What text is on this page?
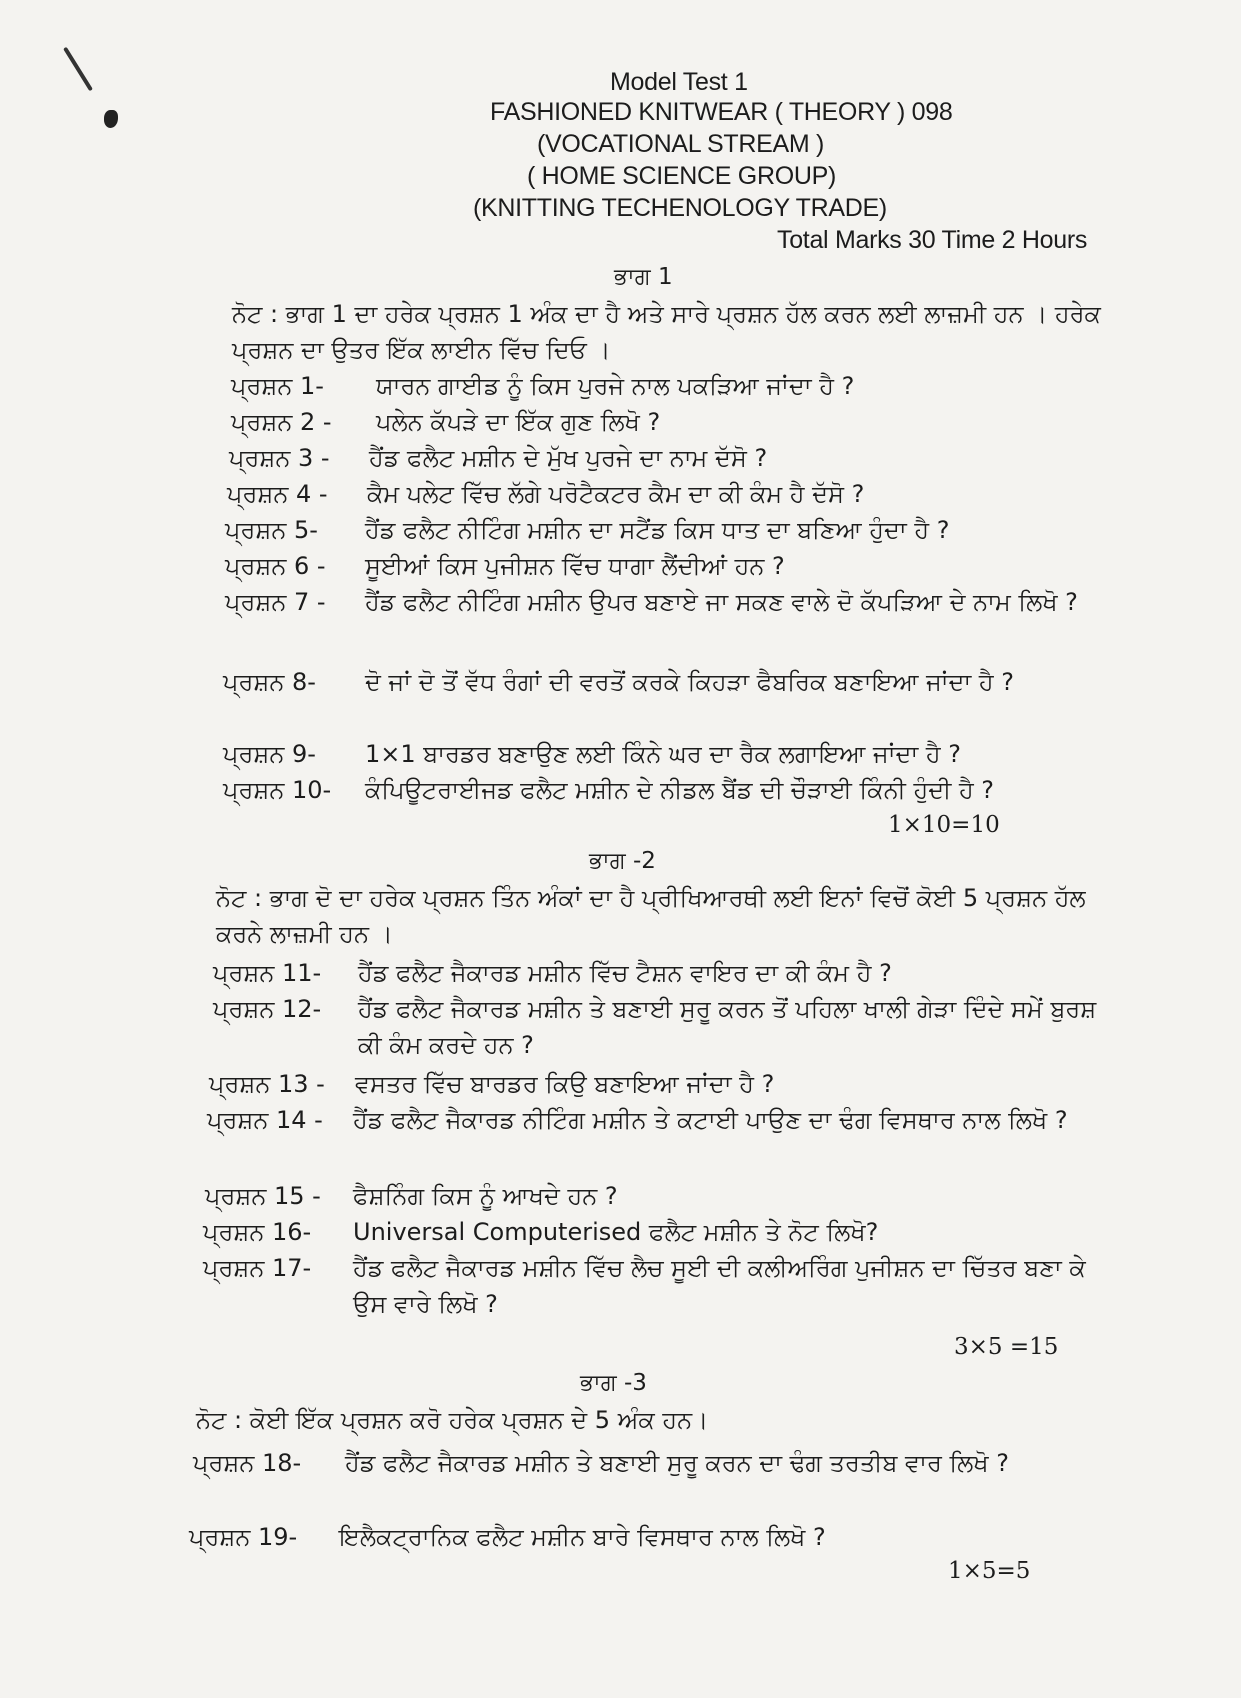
Model Test 1
FASHIONED KNITWEAR ( THEORY ) 098
(VOCATIONAL STREAM )
( HOME SCIENCE GROUP)
(KNITTING TECHENOLOGY TRADE)
Total Marks 30 Time 2 Hours
ਭਾਗ 1
ਨੋਟ : ਭਾਗ 1 ਦਾ ਹਰੇਕ ਪ੍ਰਸ਼ਨ 1 ਅੰਕ ਦਾ ਹੈ ਅਤੇ ਸਾਰੇ ਪ੍ਰਸ਼ਨ ਹੱਲ ਕਰਨ ਲਈ ਲਾਜ਼ਮੀ ਹਨ । ਹਰੇਕ ਪ੍ਰਸ਼ਨ ਦਾ ਉਤਰ ਇੱਕ ਲਾਈਨ ਵਿੱਚ ਦਿਓ ।
ਪ੍ਰਸ਼ਨ 1- ਯਾਰਨ ਗਾਈਡ ਨੂੰ ਕਿਸ ਪੁਰਜੇ ਨਾਲ ਪਕੜਿਆ ਜਾਂਦਾ ਹੈ ?
ਪ੍ਰਸ਼ਨ 2 - ਪਲੇਨ ਕੱਪੜੇ ਦਾ ਇੱਕ ਗੁਣ ਲਿਖੋ ?
ਪ੍ਰਸ਼ਨ 3 - ਹੈਂਡ ਫਲੈਟ ਮਸ਼ੀਨ ਦੇ ਮੁੱਖ ਪੁਰਜੇ ਦਾ ਨਾਮ ਦੱਸੋ ?
ਪ੍ਰਸ਼ਨ 4 - ਕੈਮ ਪਲੇਟ ਵਿੱਚ ਲੱਗੇ ਪਰੋਟੈਕਟਰ ਕੈਮ ਦਾ ਕੀ ਕੰਮ ਹੈ ਦੱਸੋ ?
ਪ੍ਰਸ਼ਨ 5- ਹੈਂਡ ਫਲੈਟ ਨੀਟਿੰਗ ਮਸ਼ੀਨ ਦਾ ਸਟੈਂਡ ਕਿਸ ਧਾਤ ਦਾ ਬਣਿਆ ਹੁੰਦਾ ਹੈ ?
ਪ੍ਰਸ਼ਨ 6 - ਸੂਈਆਂ ਕਿਸ ਪੁਜੀਸ਼ਨ ਵਿੱਚ ਧਾਗਾ ਲੈਂਦੀਆਂ ਹਨ ?
ਪ੍ਰਸ਼ਨ 7 - ਹੈਂਡ ਫਲੈਟ ਨੀਟਿੰਗ ਮਸ਼ੀਨ ਉਪਰ ਬਣਾਏ ਜਾ ਸਕਣ ਵਾਲੇ ਦੋ ਕੱਪੜਿਆ ਦੇ ਨਾਮ ਲਿਖੋ ?
ਪ੍ਰਸ਼ਨ 8- ਦੋ ਜਾਂ ਦੋ ਤੋਂ ਵੱਧ ਰੰਗਾਂ ਦੀ ਵਰਤੋਂ ਕਰਕੇ ਕਿਹੜਾ ਫੈਬਰਿਕ ਬਣਾਇਆ ਜਾਂਦਾ ਹੈ ?
ਪ੍ਰਸ਼ਨ 9- 1×1 ਬਾਰਡਰ ਬਣਾਉਣ ਲਈ ਕਿੰਨੇ ਘਰ ਦਾ ਰੈਕ ਲਗਾਇਆ ਜਾਂਦਾ ਹੈ ?
ਪ੍ਰਸ਼ਨ 10- ਕੰਪਿਊਟਰਾਈਜਡ ਫਲੈਟ ਮਸ਼ੀਨ ਦੇ ਨੀਡਲ ਬੈਂਡ ਦੀ ਚੌੜਾਈ ਕਿੰਨੀ ਹੁੰਦੀ ਹੈ ?
1×10=10
ਭਾਗ -2
ਨੋਟ : ਭਾਗ ਦੋ ਦਾ ਹਰੇਕ ਪ੍ਰਸ਼ਨ ਤਿੰਨ ਅੰਕਾਂ ਦਾ ਹੈ ਪ੍ਰੀਖਿਆਰਥੀ ਲਈ ਇਨਾਂ ਵਿਚੋਂ ਕੋਈ 5 ਪ੍ਰਸ਼ਨ ਹੱਲ ਕਰਨੇ ਲਾਜ਼ਮੀ ਹਨ ।
ਪ੍ਰਸ਼ਨ 11- ਹੈਂਡ ਫਲੈਟ ਜੈਕਾਰਡ ਮਸ਼ੀਨ ਵਿੱਚ ਟੈਸ਼ਨ ਵਾਇਰ ਦਾ ਕੀ ਕੰਮ ਹੈ ?
ਪ੍ਰਸ਼ਨ 12- ਹੈਂਡ ਫਲੈਟ ਜੈਕਾਰਡ ਮਸ਼ੀਨ ਤੇ ਬਣਾਈ ਸੁਰੂ ਕਰਨ ਤੋਂ ਪਹਿਲਾ ਖਾਲੀ ਗੇੜਾ ਦਿੰਦੇ ਸਮੇਂ ਬੁਰਸ਼ ਕੀ ਕੰਮ ਕਰਦੇ ਹਨ ?
ਪ੍ਰਸ਼ਨ 13 - ਵਸਤਰ ਵਿੱਚ ਬਾਰਡਰ ਕਿਉ ਬਣਾਇਆ ਜਾਂਦਾ ਹੈ ?
ਪ੍ਰਸ਼ਨ 14 - ਹੈਂਡ ਫਲੈਟ ਜੈਕਾਰਡ ਨੀਟਿੰਗ ਮਸ਼ੀਨ ਤੇ ਕਟਾਈ ਪਾਉਣ ਦਾ ਢੰਗ ਵਿਸਥਾਰ ਨਾਲ ਲਿਖੋ ?
ਪ੍ਰਸ਼ਨ 15 - ਫੈਸ਼ਨਿੰਗ ਕਿਸ ਨੂੰ ਆਖਦੇ ਹਨ ?
ਪ੍ਰਸ਼ਨ 16- Universal Computerised ਫਲੈਟ ਮਸ਼ੀਨ ਤੇ ਨੋਟ ਲਿਖੋ?
ਪ੍ਰਸ਼ਨ 17- ਹੈਂਡ ਫਲੈਟ ਜੈਕਾਰਡ ਮਸ਼ੀਨ ਵਿੱਚ ਲੈਚ ਸੂਈ ਦੀ ਕਲੀਅਰਿੰਗ ਪੁਜੀਸ਼ਨ ਦਾ ਚਿੱਤਰ ਬਣਾ ਕੇ ਉਸ ਵਾਰੇ ਲਿਖੋ ?
3×5 =15
ਭਾਗ -3
ਨੋਟ : ਕੋਈ ਇੱਕ ਪ੍ਰਸ਼ਨ ਕਰੋ ਹਰੇਕ ਪ੍ਰਸ਼ਨ ਦੇ 5 ਅੰਕ ਹਨ।
ਪ੍ਰਸ਼ਨ 18- ਹੈਂਡ ਫਲੈਟ ਜੈਕਾਰਡ ਮਸ਼ੀਨ ਤੇ ਬਣਾਈ ਸੁਰੂ ਕਰਨ ਦਾ ਢੰਗ ਤਰਤੀਬ ਵਾਰ ਲਿਖੋ ?
ਪ੍ਰਸ਼ਨ 19- ਇਲੈਕਟ੍ਰਾਨਿਕ ਫਲੈਟ ਮਸ਼ੀਨ ਬਾਰੇ ਵਿਸਥਾਰ ਨਾਲ ਲਿਖੋ ?
1×5=5
